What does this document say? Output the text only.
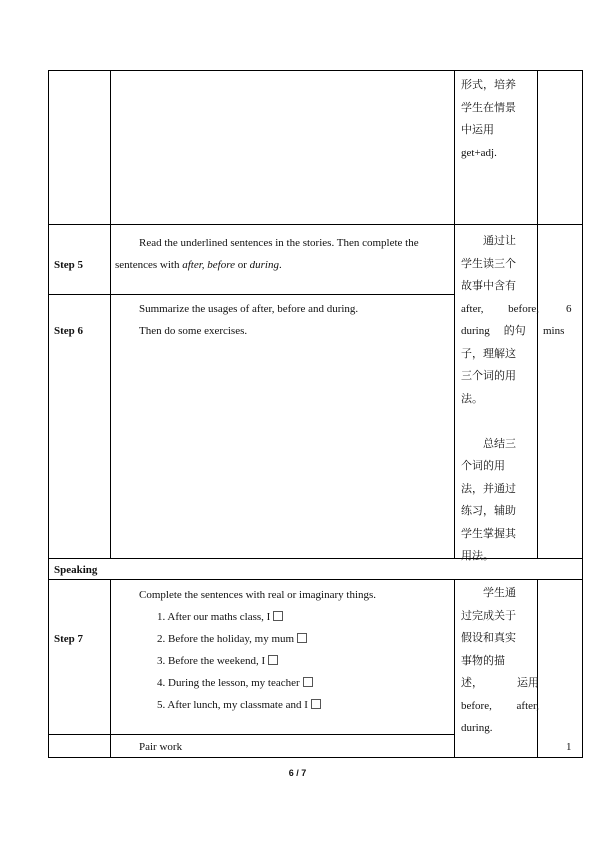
形式，培养
学生在情景
中运用
get+adj.
Step 5
Read the underlined sentences in the stories. Then complete the
sentences with after, before or during.
Step 6
Summarize the usages of after, before and during.
Then do some exercises.
通过让
学生读三个
故事中含有
after, before,
during 的句
子，理解这
三个词的用
法。

总结三
个词的用
法，并通过
练习，辅助
学生掌握其
用法。
6
mins
Speaking
Step 7
Complete the sentences with real or imaginary things.
1. After our maths class, I
2. Before the holiday, my mum
3. Before the weekend, I
4. During the lesson, my teacher
5. After lunch, my classmate and I
学生通
过完成关于
假设和真实
事物的描
述，	运用
before, after,
during.
Pair work	1
6 / 7
